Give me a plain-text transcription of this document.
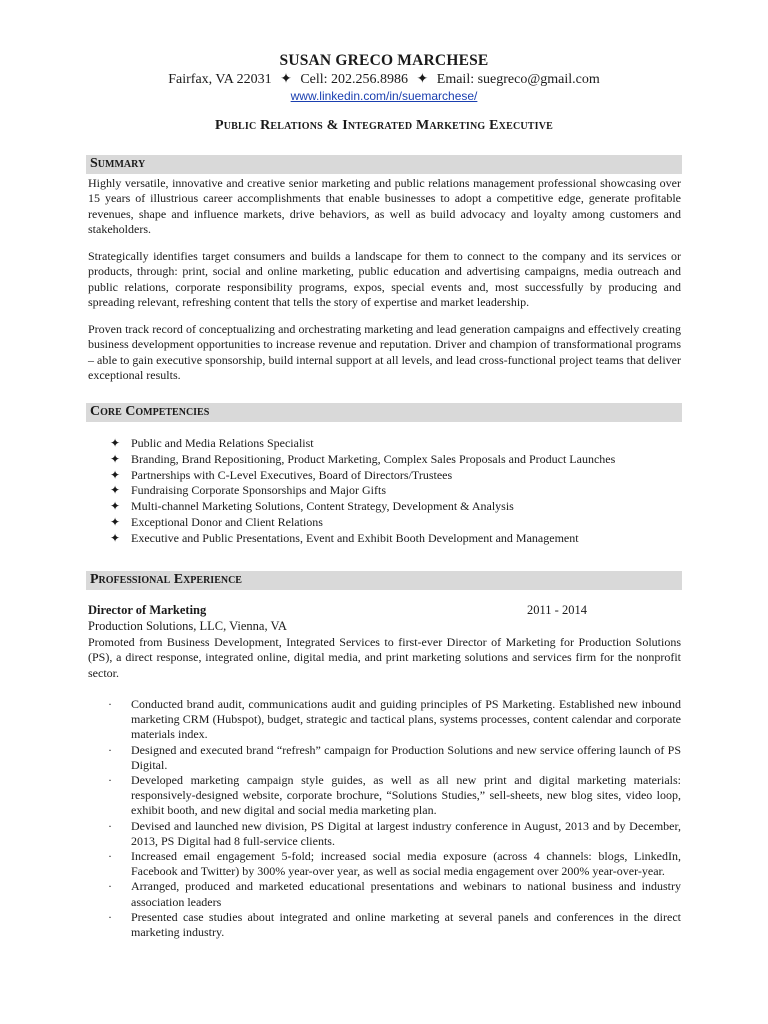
SUSAN GRECO MARCHESE
Fairfax, VA 22031 ✦ Cell: 202.256.8986 ✦ Email: suegreco@gmail.com
www.linkedin.com/in/suemarchese/
Public Relations & Integrated Marketing Executive
Summary
Highly versatile, innovative and creative senior marketing and public relations management professional showcasing over 15 years of illustrious career accomplishments that enable businesses to adopt a competitive edge, generate profitable revenues, shape and influence markets, drive behaviors, as well as build advocacy and loyalty among customers and stakeholders.
Strategically identifies target consumers and builds a landscape for them to connect to the company and its services or products, through: print, social and online marketing, public education and advertising campaigns, media outreach and public relations, corporate responsibility programs, expos, special events and, most successfully by producing and spreading relevant, refreshing content that tells the story of expertise and market leadership.
Proven track record of conceptualizing and orchestrating marketing and lead generation campaigns and effectively creating business development opportunities to increase revenue and reputation. Driver and champion of transformational programs – able to gain executive sponsorship, build internal support at all levels, and lead cross-functional project teams that deliver exceptional results.
Core Competencies
✦ Public and Media Relations Specialist
✦ Branding, Brand Repositioning, Product Marketing, Complex Sales Proposals and Product Launches
✦ Partnerships with C-Level Executives, Board of Directors/Trustees
✦ Fundraising Corporate Sponsorships and Major Gifts
✦ Multi-channel Marketing Solutions, Content Strategy, Development & Analysis
✦ Exceptional Donor and Client Relations
✦ Executive and Public Presentations, Event and Exhibit Booth Development and Management
Professional Experience
Director of Marketing	2011 - 2014
Production Solutions, LLC, Vienna, VA
Promoted from Business Development, Integrated Services to first-ever Director of Marketing for Production Solutions (PS), a direct response, integrated online, digital media, and print marketing solutions and services firm for the nonprofit sector.

· Conducted brand audit, communications audit and guiding principles of PS Marketing. Established new inbound marketing CRM (Hubspot), budget, strategic and tactical plans, systems processes, content calendar and corporate materials index.

· Designed and executed brand “refresh” campaign for Production Solutions and new service offering launch of PS Digital.

· Developed marketing campaign style guides, as well as all new print and digital marketing materials: responsively-designed website, corporate brochure, “Solutions Studies,” sell-sheets, new blog sites, video loop, exhibit booth, and new digital and social media marketing plan.

· Devised and launched new division, PS Digital at largest industry conference in August, 2013 and by December, 2013, PS Digital had 8 full-service clients.

· Increased email engagement 5-fold; increased social media exposure (across 4 channels: blogs, LinkedIn, Facebook and Twitter) by 300% year-over year, as well as social media engagement over 200% year-over-year.

· Arranged, produced and marketed educational presentations and webinars to national business and industry association leaders

· Presented case studies about integrated and online marketing at several panels and conferences in the direct marketing industry.
